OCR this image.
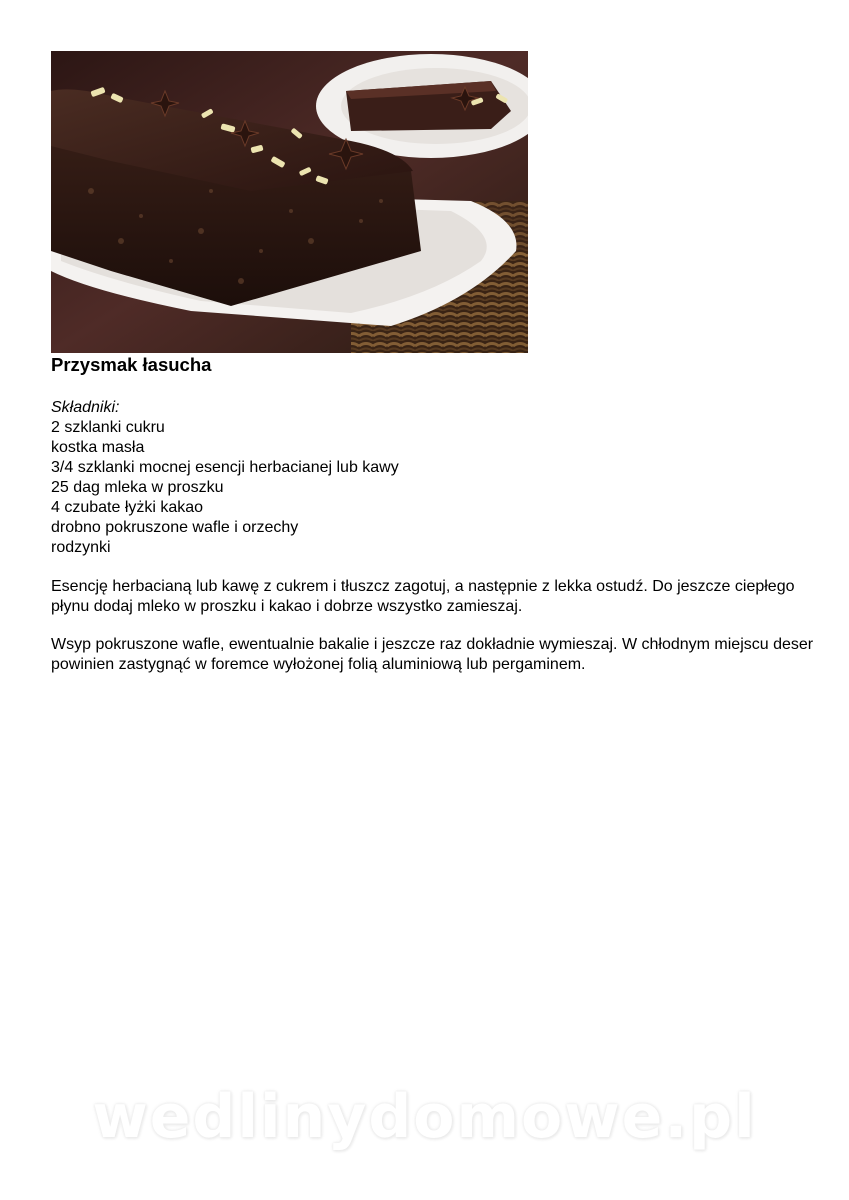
Przysmak łasucha
Składniki:
2 szklanki cukru
kostka masła
3/4 szklanki mocnej esencji herbacianej lub kawy
25 dag mleka w proszku
4 czubate łyżki kakao
drobno pokruszone wafle i orzechy
rodzynki

Esencję herbacianą lub kawę z cukrem i tłuszcz zagotuj, a następnie z lekka ostudź. Do jeszcze ciepłego płynu dodaj mleko w proszku i kakao i dobrze wszystko zamieszaj.

Wsyp pokruszone wafle, ewentualnie bakalie i jeszcze raz dokładnie wymieszaj. W chłodnym miejscu deser powinien zastygnąć w foremce wyłożonej folią aluminiową lub pergaminem.

wedlinydomowe.pl
